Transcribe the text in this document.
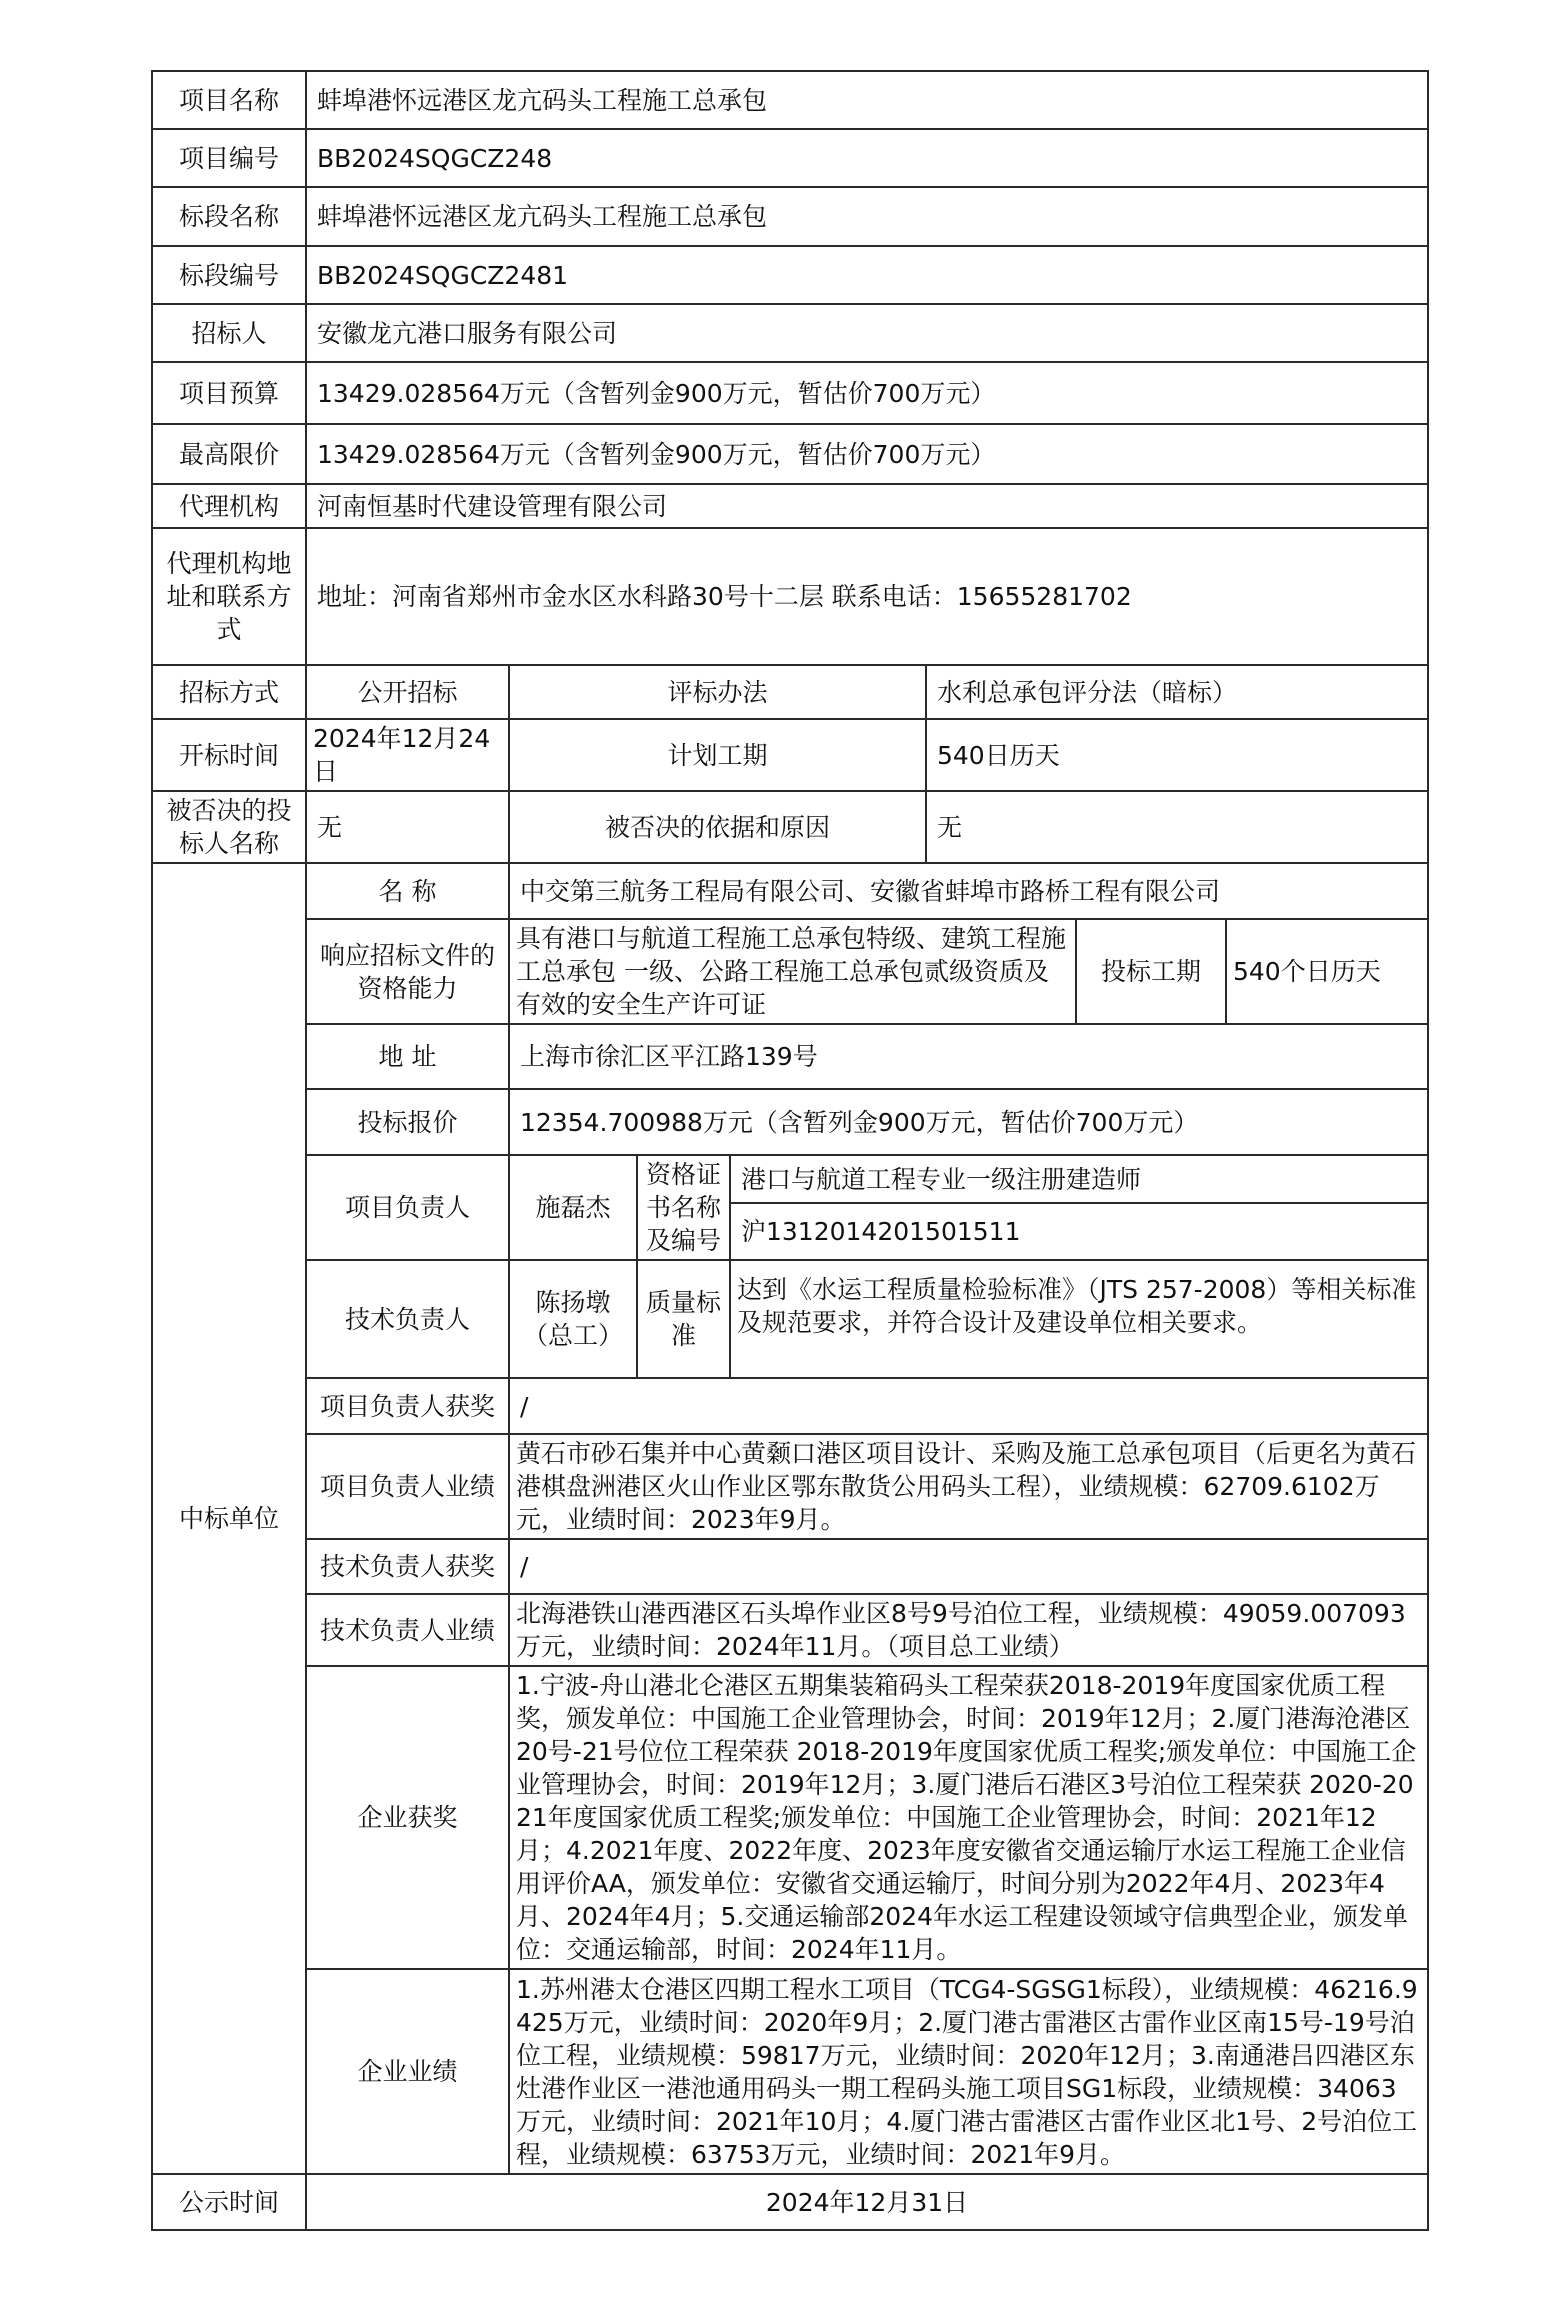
项目名称	蚌埠港怀远港区龙亢码头工程施工总承包						
项目编号	BB2024SQGCZ248						
标段名称	蚌埠港怀远港区龙亢码头工程施工总承包						
标段编号	BB2024SQGCZ2481						
招标人	安徽龙亢港口服务有限公司						
项目预算	13429.028564万元（含暂列金900万元，暂估价700万元）						
最高限价	13429.028564万元（含暂列金900万元，暂估价700万元）						
代理机构	河南恒基时代建设管理有限公司						
代理机构地址和联系方式	地址：河南省郑州市金水区水科路30号十二层 联系电话：15655281702						
招标方式	公开招标	评标办法			水利总承包评分法（暗标）		
开标时间	2024年12月24日	计划工期			540日历天		
被否决的投标人名称	无	被否决的依据和原因			无		
中标单位	名 称	中交第三航务工程局有限公司、安徽省蚌埠市路桥工程有限公司					
	响应招标文件的资格能力	具有港口与航道工程施工总承包特级、建筑工程施工总承包 一级、公路工程施工总承包贰级资质及有效的安全生产许可证				投标工期	540个日历天
	地 址	上海市徐汇区平江路139号					
	投标报价	12354.700988万元（含暂列金900万元，暂估价700万元）					
	项目负责人	施磊杰	资格证书名称及编号	港口与航道工程专业一级注册建造师			
				沪1312014201501511			
	技术负责人	陈扬墩（总工）	质量标准	达到《水运工程质量检验标准》（JTS 257-2008）等相关标准及规范要求，并符合设计及建设单位相关要求。			
	项目负责人获奖	/					
	项目负责人业绩	黄石市砂石集并中心黄颡口港区项目设计、采购及施工总承包项目（后更名为黄石港棋盘洲港区火山作业区鄂东散货公用码头工程），业绩规模：62709.6102万元，业绩时间：2023年9月。					
	技术负责人获奖	/					
	技术负责人业绩	北海港铁山港西港区石头埠作业区8号9号泊位工程，业绩规模：49059.007093万元，业绩时间：2024年11月。（项目总工业绩）					
	企业获奖	1.宁波-舟山港北仑港区五期集装箱码头工程荣获2018-2019年度国家优质工程奖，颁发单位：中国施工企业管理协会，时间：2019年12月；2.厦门港海沧港区 20号-21号位位工程荣获 2018-2019年度国家优质工程奖;颁发单位：中国施工企业管理协会，时间：2019年12月；3.厦门港后石港区3号泊位工程荣获 2020-2021年度国家优质工程奖;颁发单位：中国施工企业管理协会，时间：2021年12月；4.2021年度、2022年度、2023年度安徽省交通运输厅水运工程施工企业信用评价AA，颁发单位：安徽省交通运输厅，时间分别为2022年4月、2023年4月、2024年4月；5.交通运输部2024年水运工程建设领域守信典型企业，颁发单位：交通运输部，时间：2024年11月。					
	企业业绩	1.苏州港太仓港区四期工程水工项目（TCG4-SGSG1标段），业绩规模：46216.9425万元，业绩时间：2020年9月；2.厦门港古雷港区古雷作业区南15号-19号泊位工程，业绩规模：59817万元，业绩时间：2020年12月；3.南通港吕四港区东灶港作业区一港池通用码头一期工程码头施工项目SG1标段，业绩规模：34063万元，业绩时间：2021年10月；4.厦门港古雷港区古雷作业区北1号、2号泊位工程，业绩规模：63753万元，业绩时间：2021年9月。					
公示时间	2024年12月31日						
